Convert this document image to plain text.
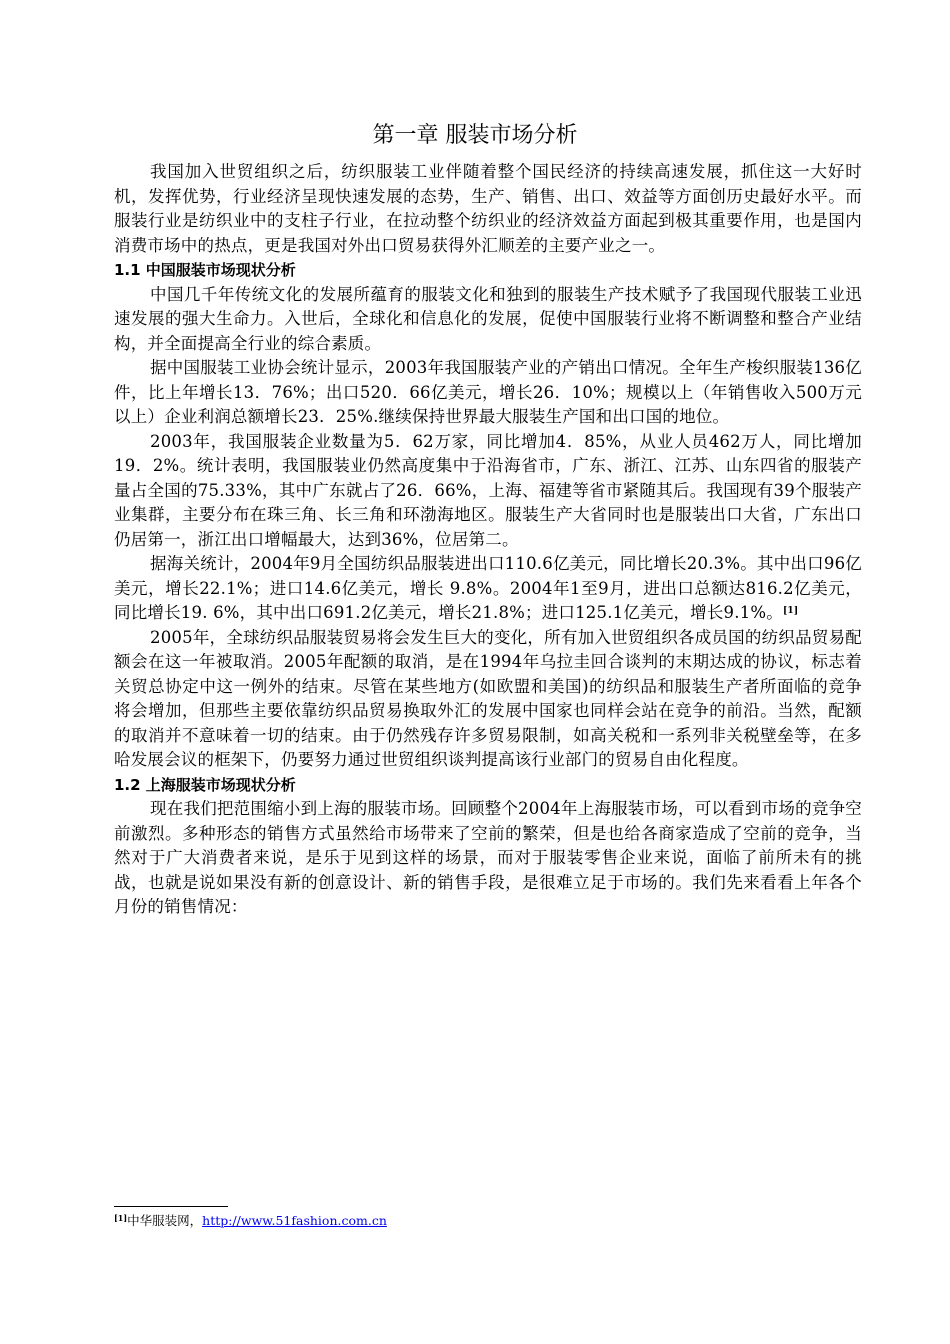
第一章 服装市场分析

我国加入世贸组织之后，纺织服装工业伴随着整个国民经济的持续高速发展，抓住这一大好时机，发挥优势，行业经济呈现快速发展的态势，生产、销售、出口、效益等方面创历史最好水平。而服装行业是纺织业中的支柱子行业，在拉动整个纺织业的经济效益方面起到极其重要作用，也是国内消费市场中的热点，更是我国对外出口贸易获得外汇顺差的主要产业之一。

1.1 中国服装市场现状分析

中国几千年传统文化的发展所蕴育的服装文化和独到的服装生产技术赋予了我国现代服装工业迅速发展的强大生命力。入世后，全球化和信息化的发展，促使中国服装行业将不断调整和整合产业结构，并全面提高全行业的综合素质。

据中国服装工业协会统计显示，2003年我国服装产业的产销出口情况。全年生产梭织服装136亿件，比上年增长13．76%；出口520．66亿美元，增长26．10%；规模以上（年销售收入500万元以上）企业利润总额增长23．25%.继续保持世界最大服装生产国和出口国的地位。

2003年，我国服装企业数量为5．62万家，同比增加4．85%，从业人员462万人，同比增加19．2%。统计表明，我国服装业仍然高度集中于沿海省市，广东、浙江、江苏、山东四省的服装产量占全国的75.33%，其中广东就占了26．66%，上海、福建等省市紧随其后。我国现有39个服装产业集群，主要分布在珠三角、长三角和环渤海地区。服装生产大省同时也是服装出口大省，广东出口仍居第一，浙江出口增幅最大，达到36%，位居第二。

据海关统计，2004年9月全国纺织品服装进出口110.6亿美元，同比增长20.3%。其中出口96亿美元，增长22.1%；进口14.6亿美元，增长 9.8%。2004年1至9月，进出口总额达816.2亿美元，同比增长19. 6%，其中出口691.2亿美元，增长21.8%；进口125.1亿美元，增长9.1%。[1]

2005年，全球纺织品服装贸易将会发生巨大的变化，所有加入世贸组织各成员国的纺织品贸易配额会在这一年被取消。2005年配额的取消，是在1994年乌拉圭回合谈判的末期达成的协议，标志着关贸总协定中这一例外的结束。尽管在某些地方(如欧盟和美国)的纺织品和服装生产者所面临的竞争将会增加，但那些主要依靠纺织品贸易换取外汇的发展中国家也同样会站在竞争的前沿。当然，配额的取消并不意味着一切的结束。由于仍然残存许多贸易限制，如高关税和一系列非关税壁垒等，在多哈发展会议的框架下，仍要努力通过世贸组织谈判提高该行业部门的贸易自由化程度。

1.2 上海服装市场现状分析

现在我们把范围缩小到上海的服装市场。回顾整个2004年上海服装市场，可以看到市场的竞争空前激烈。多种形态的销售方式虽然给市场带来了空前的繁荣，但是也给各商家造成了空前的竞争，当然对于广大消费者来说，是乐于见到这样的场景，而对于服装零售企业来说，面临了前所未有的挑战，也就是说如果没有新的创意设计、新的销售手段，是很难立足于市场的。我们先来看看上年各个月份的销售情况：

[1]中华服装网，http://www.51fashion.com.cn
